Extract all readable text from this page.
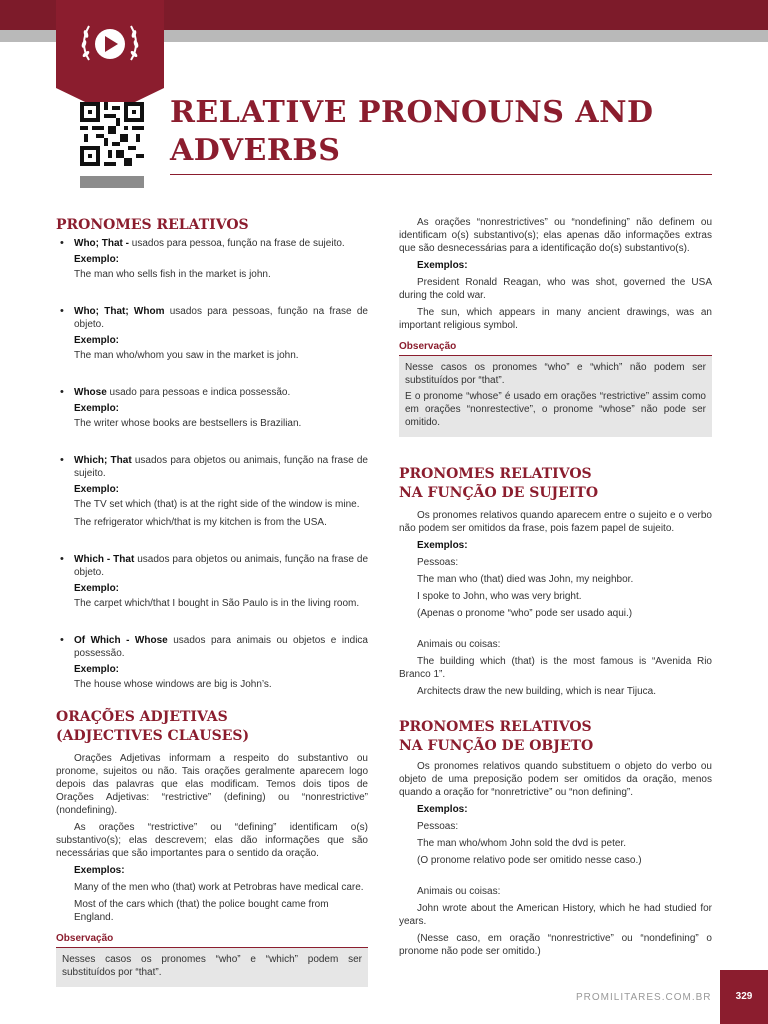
RELATIVE PRONOUNS AND ADVERBS
PRONOMES RELATIVOS

• Who; That - usados para pessoa, função na frase de sujeito.

Exemplo:
The man who sells fish in the market is john.

• Who; That; Whom usados para pessoas, função na frase de objeto.

Exemplo:
The man who/whom you saw in the market is john.

• Whose usado para pessoas e indica possessão.

Exemplo:
The writer whose books are bestsellers is Brazilian.

• Which; That usados para objetos ou animais, função na frase de sujeito.

Exemplo:
The TV set which (that) is at the right side of the window is mine.
The refrigerator which/that is my kitchen is from the USA.

• Which - That usados para objetos ou animais, função na frase de objeto.

Exemplo:
The carpet which/that I bought in São Paulo is in the living room.

• Of Which - Whose usados para animais ou objetos e indica possessão.

Exemplo:
The house whose windows are big is John’s.
ORAÇÕES ADJETIVAS
(ADJECTIVES CLAUSES)

Orações Adjetivas informam a respeito do substantivo ou pronome, sujeitos ou não. Tais orações geralmente aparecem logo depois das palavras que elas modificam. Temos dois tipos de Orações Adjetivas: “restrictive” (defining) ou “nonrestrictive” (nondefining).

As orações “restrictive” ou “defining” identificam o(s) substantivo(s); elas descrevem; elas dão informações que são necessárias que são importantes para o sentido da oração.

Exemplos:
Many of the men who (that) work at Petrobras have medical care.
Most of the cars which (that) the police bought came from England.
Observação

Nesses casos os pronomes “who” e “which” podem ser substituídos por “that”.

As orações “nonrestrictives” ou “nondefining” não definem ou identificam o(s) substantivo(s); elas apenas dão informações extras que são desnecessárias para a identificação do(s) substantivo(s).

Exemplos:

President Ronald Reagan, who was shot, governed the USA during the cold war.

The sun, which appears in many ancient drawings, was an important religious symbol.

Observação

Nesse casos os pronomes “who” e “which” não podem ser substituídos por “that”.

E o pronome “whose” é usado em orações “restrictive” assim como em orações “nonrestective”, o pronome “whose” não pode ser omitido.

PRONOMES RELATIVOS
NA FUNÇÃO DE SUJEITO

Os pronomes relativos quando aparecem entre o sujeito e o verbo não podem ser omitidos da frase, pois fazem papel de sujeito.

Exemplos:
Pessoas:
The man who (that) died was John, my neighbor.
I spoke to John, who was very bright.
(Apenas o pronome “who” pode ser usado aqui.)
Animais ou coisas:

The building which (that) is the most famous is “Avenida Rio Branco 1”.

Architects draw the new building, which is near Tijuca.
PRONOMES RELATIVOS
NA FUNÇÃO DE OBJETO

Os pronomes relativos quando substituem o objeto do verbo ou objeto de uma preposição podem ser omitidos da oração, menos quando a oração for “nonretrictive” ou “non defining”.

Exemplos:
Pessoas:
The man who/whom John sold the dvd is peter.
(O pronome relativo pode ser omitido nesse caso.)
Animais ou coisas:

John wrote about the American History, which he had studied for years.

(Nesse caso, em oração “nonrestrictive” ou “nondefining” o pronome não pode ser omitido.)

PROMILITARES.COM.BR	329
